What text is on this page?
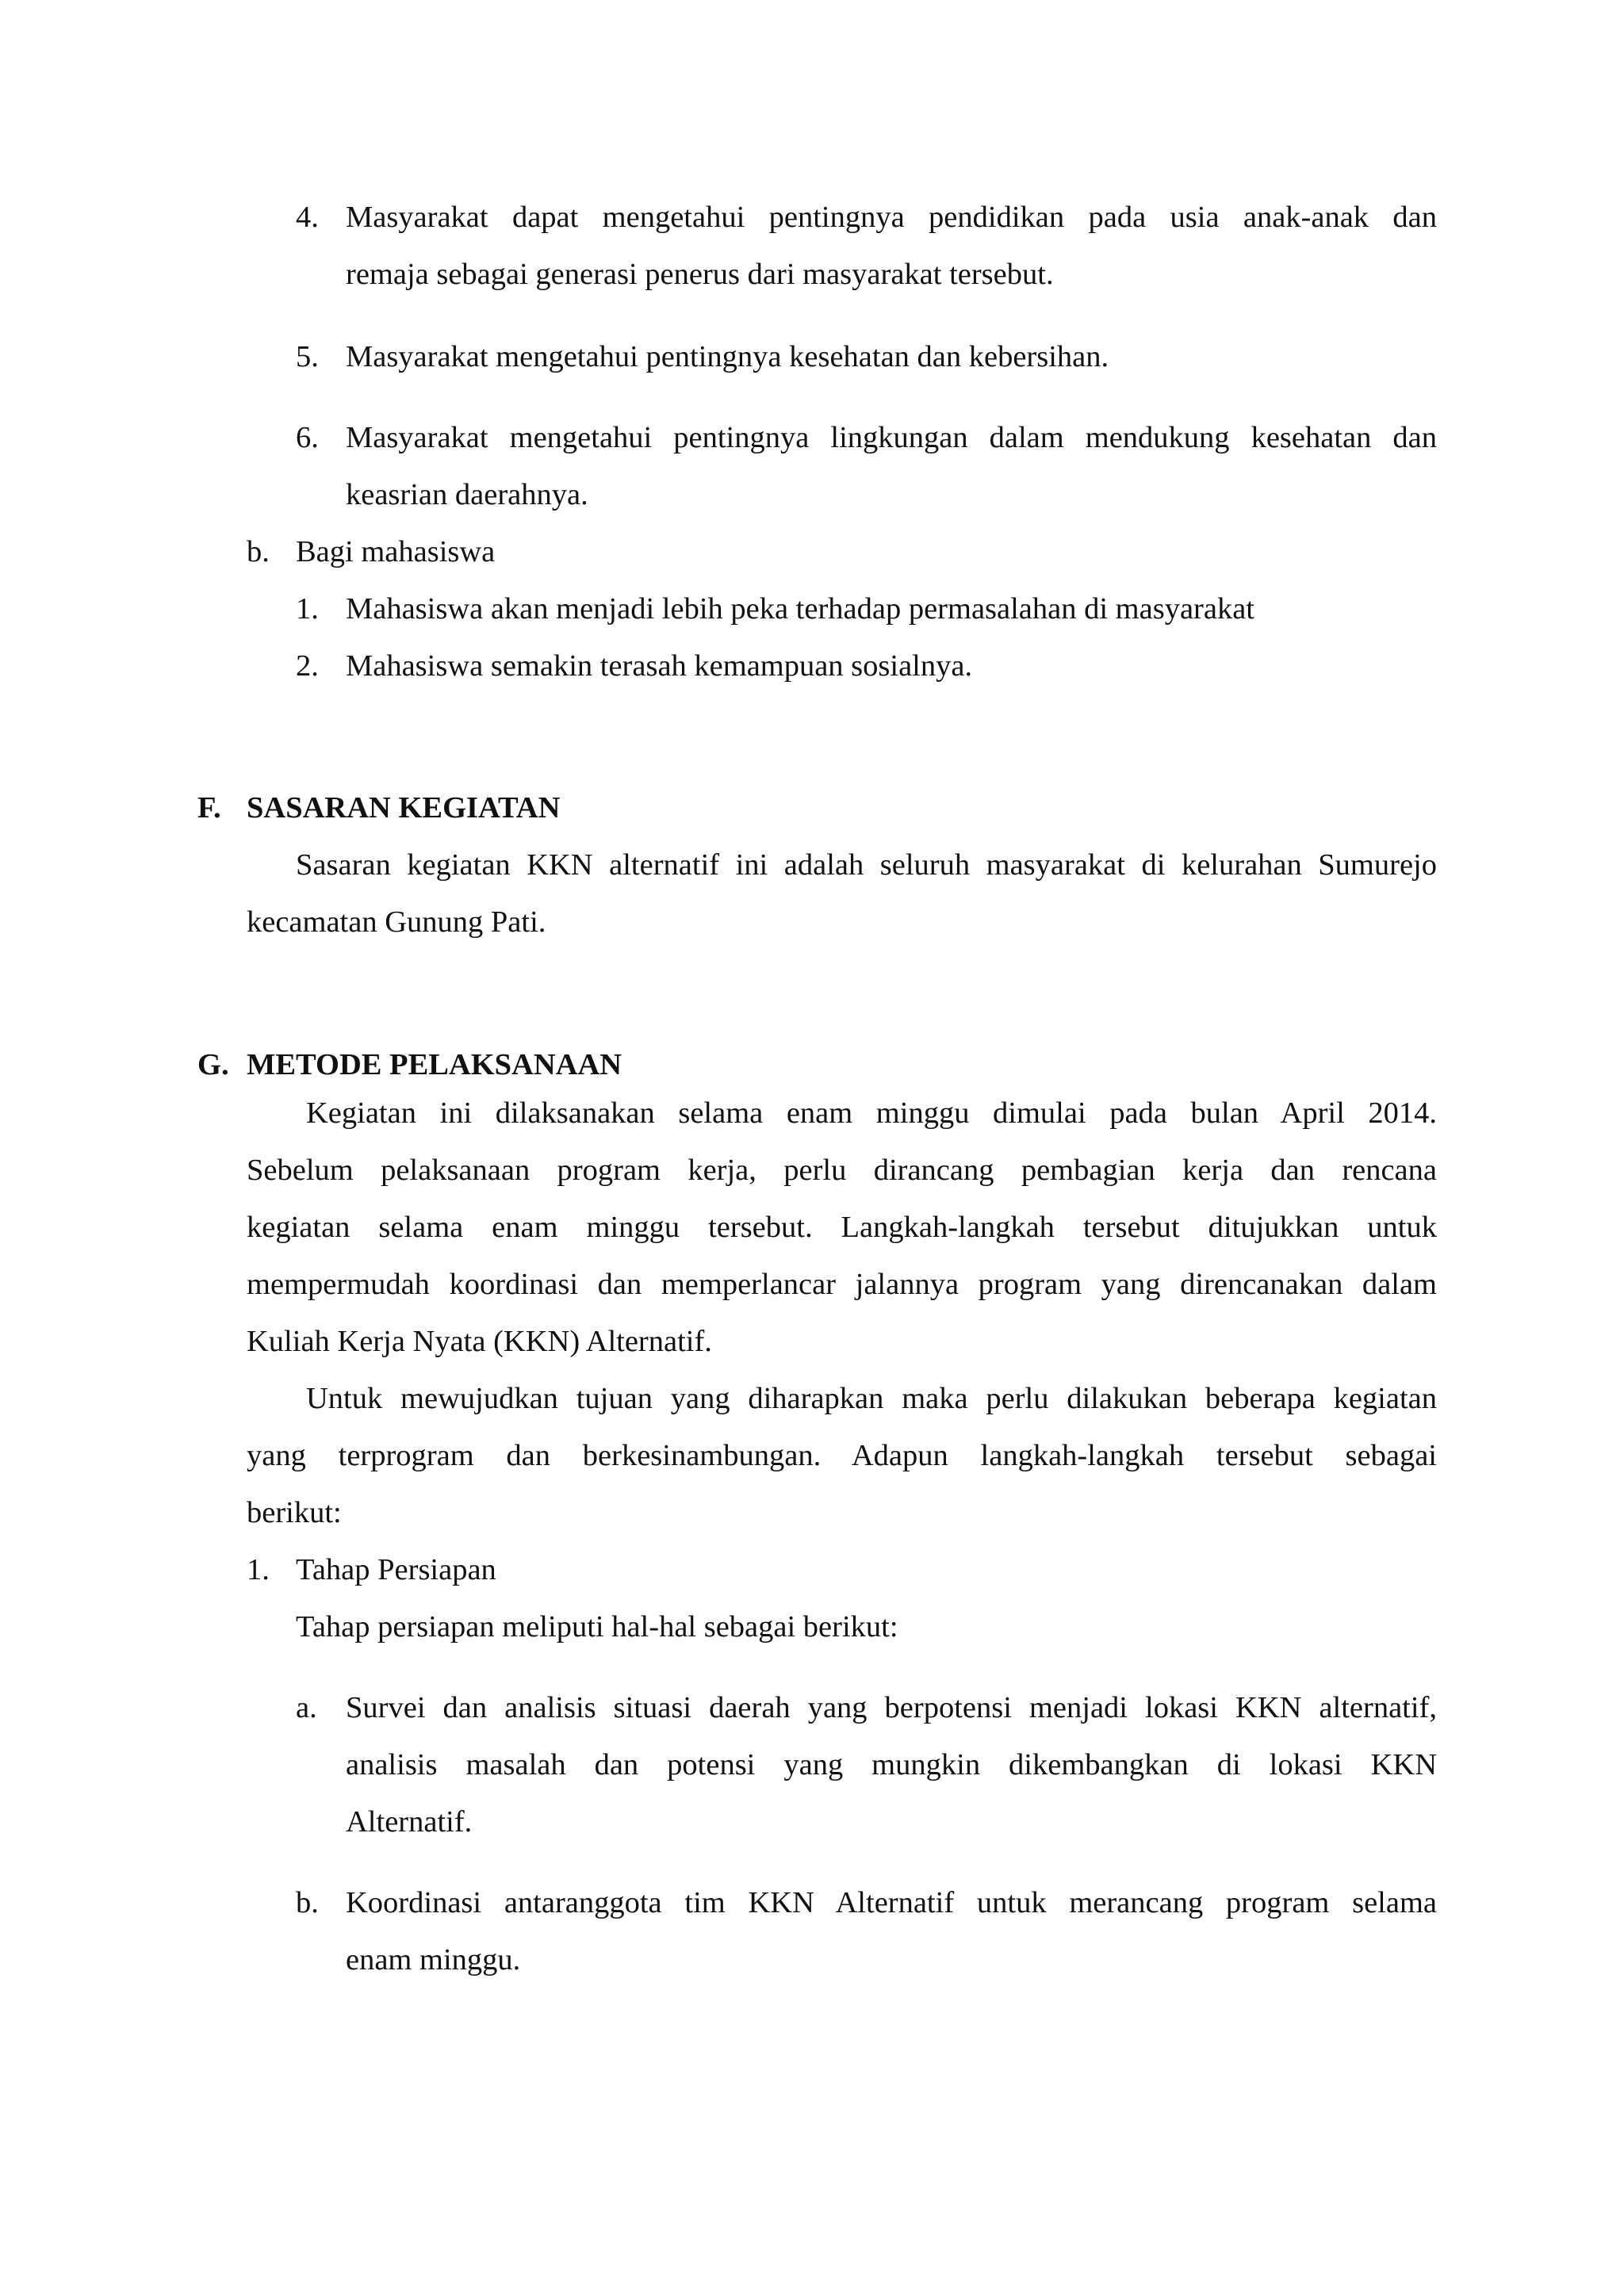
4. Masyarakat dapat mengetahui pentingnya pendidikan pada usia anak-anak dan
remaja sebagai generasi penerus dari masyarakat tersebut.
5. Masyarakat mengetahui pentingnya kesehatan dan kebersihan.
6. Masyarakat mengetahui pentingnya lingkungan dalam mendukung kesehatan dan
keasrian daerahnya.
b. Bagi mahasiswa
1. Mahasiswa akan menjadi lebih peka terhadap permasalahan di masyarakat
2. Mahasiswa semakin terasah kemampuan sosialnya.
F. SASARAN KEGIATAN
Sasaran kegiatan KKN alternatif ini adalah seluruh masyarakat di kelurahan Sumurejo
kecamatan Gunung Pati.
G. METODE PELAKSANAAN
Kegiatan ini dilaksanakan selama enam minggu dimulai pada bulan April 2014.
Sebelum pelaksanaan program kerja, perlu dirancang pembagian kerja dan rencana
kegiatan selama enam minggu tersebut. Langkah-langkah tersebut ditujukkan untuk
mempermudah koordinasi dan memperlancar jalannya program yang direncanakan dalam
Kuliah Kerja Nyata (KKN) Alternatif.
Untuk mewujudkan tujuan yang diharapkan maka perlu dilakukan beberapa kegiatan
yang terprogram dan berkesinambungan. Adapun langkah-langkah tersebut sebagai
berikut:
1. Tahap Persiapan
Tahap persiapan meliputi hal-hal sebagai berikut:
a. Survei dan analisis situasi daerah yang berpotensi menjadi lokasi KKN alternatif,
analisis masalah dan potensi yang mungkin dikembangkan di lokasi KKN
Alternatif.
b. Koordinasi antaranggota tim KKN Alternatif untuk merancang program selama
enam minggu.
